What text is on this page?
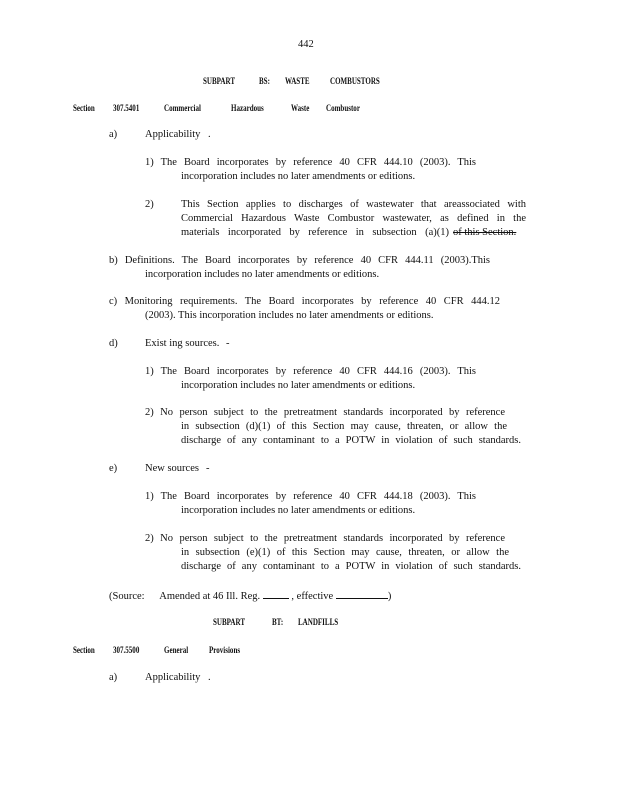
442
SUBPART	BS: WASTE COMBUSTORS
Section 307.5401	Commercial	Hazardous	Waste Combustor
a)	Applicability .
1) The Board incorporates by reference 40 CFR 444.10 (2003). This
incorporation includes no later amendments or editions.
2)	This Section applies to discharges of wastewater that areassociated with
Commercial Hazardous Waste Combustor wastewater, as defined in the
materials incorporated by reference in subsection (a)(1) of this Section.
b) Definitions. The Board incorporates by reference 40 CFR 444.11 (2003).This
incorporation includes no later amendments or editions.
c) Monitoring requirements. The Board incorporates by reference 40 CFR 444.12
(2003). This incorporation includes no later amendments or editions.
d)	Exist ing sources. -
1) The Board incorporates by reference 40 CFR 444.16 (2003). This
incorporation includes no later amendments or editions.
2) No person subject to the pretreatment standards incorporated by reference
in subsection (d)(1) of this Section may cause, threaten, or allow the
discharge of any contaminant to a POTW in violation of such standards.
e)	New sources -
1) The Board incorporates by reference 40 CFR 444.18 (2003). This
incorporation includes no later amendments or editions.
2) No person subject to the pretreatment standards incorporated by reference
in subsection (e)(1) of this Section may cause, threaten, or allow the
discharge of any contaminant to a POTW in violation of such standards.
(Source: Amended at 46 Ill. Reg.	, effective	)
SUBPART	BT: LANDFILLS
Section 307.5500	General Provisions
a)	Applicability .
